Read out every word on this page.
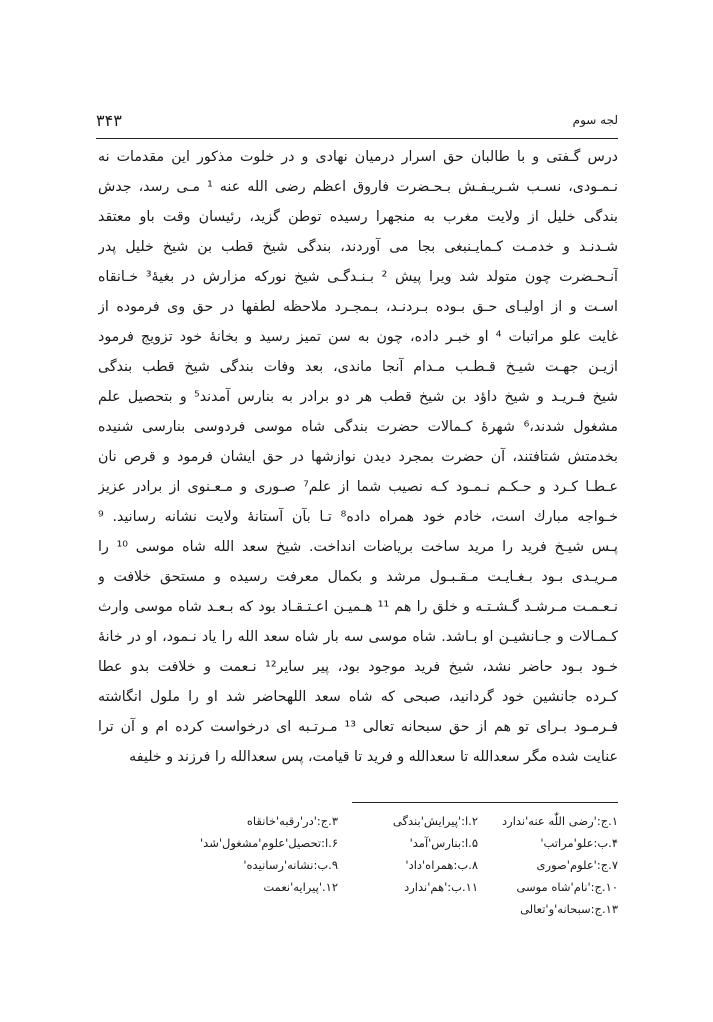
لجه سوم
۳۴۳
درس گـفتی و با طالبان حق اسرار درمیان نهادی و در خلوت مذکور این مقدمات نه
نـمـودی، نسـب شـریـفـش بـحـضرت فاروق اعظم رضی الله عنه ¹ مـی رسد، جدش
بندگی خلیل از ولایت مغرب به منجهرا رسیده توطن گزید، رئیسان وقت باو معتقد
شـدنـد و خدمـت کـمایـنبغی بجا می آوردند، بندگی شیخ قطب بن شیخ خلیل پدر
آنـحـضرت چون متولد شد ویرا پیش ² بـنـدگـی شیخ نورکه مزارش در بغیهٔ³ خـانقاه
اسـت و از اولیـای حـق بـوده بـردنـد، بـمجـرد ملاحظه لطفها در حق وی فرموده از
غایت علو مراتبات ⁴ او خبـر داده، چون به سن تمیز رسید و بخانهٔ خود تزویج فرمود
ازیـن جهـت شیـخ قـطـب مـدام آنجا ماندی، بعد وفات بندگی شیخ قطب بندگی
شیخ فـریـد و شیخ داؤد بن شیخ قطب هر دو برادر به بنارس آمدند⁵ و بتحصیل علم
مشغول شدند،⁶ شهرهٔ کـمالات حضرت بندگی شاه موسی فردوسی بنارسی شنیده
بخدمتش شتافتند، آن حضرت بمجرد دیدن نوازشها در حق ایشان فرمود و قرص نان
عـطـا کـرد و حـکـم نـمـود کـه نصیب شما از علم⁷ صـوری و مـعـنوی از برادر عزیز
خـواجه مبارك است، خادم خود همراه داده⁸ تـا بآن آستانهٔ ولایت نشانه رسانید. ⁹
پـس شیـخ فرید را مرید ساخت برياضات انداخت. شیخ سعد الله شاه موسی ¹⁰ را
مـریـدی بـود بـغـایـت مـقـبـول مرشد و بکمال معرفت رسیده و مستحق خلافت و
نـعـمـت مـرشـد گـشـتـه و خلق را هم ¹¹ هـمیـن اعـتـقـاد بود که بـعـد شاه موسی وارث
کـمـالات و جـانشیـن او بـاشد. شاه موسی سه بار شاه سعد الله را یاد نـمود، او در خانهٔ
خـود بـود حاضر نشد، شیخ فرید موجود بود، پیر سایر¹² نـعمت و خلافت بدو عطا
کـرده جانشین خود گردانید، صبحی که شاه سعد اللهحاضر شد او را ملول انگاشته
فـرمـود بـرای تو هم از حق سبحانه تعالی ¹³ مـرتـبه ای درخواست کرده ام و آن ترا
عنایت شده مگر سعدالله تا سعدالله و فرید تا قیامت، پس سعدالله را فرزند و خلیفه
۱.ج:'رضی اللّٰه عنه'ندارد
۲.ا:'پیرایش'بندگی
۳.ج:'در'رقبه'خانقاه
۴.ب:علو'مراتب'
۵.ا:بنارس'آمد'
۶.ا:تحصیل'علوم'مشغول'شد'
۷.ج:'علوم'صوری
۸.ب:همراه'داد'
۹.ب:نشانه'رسانیده'
۱۰.ج:'نام'شاه موسی
۱۱.ب:'هم'ندارد
۱۲.'پیرایه'نعمت
۱۳.ج:سبحانه'و'تعالی
